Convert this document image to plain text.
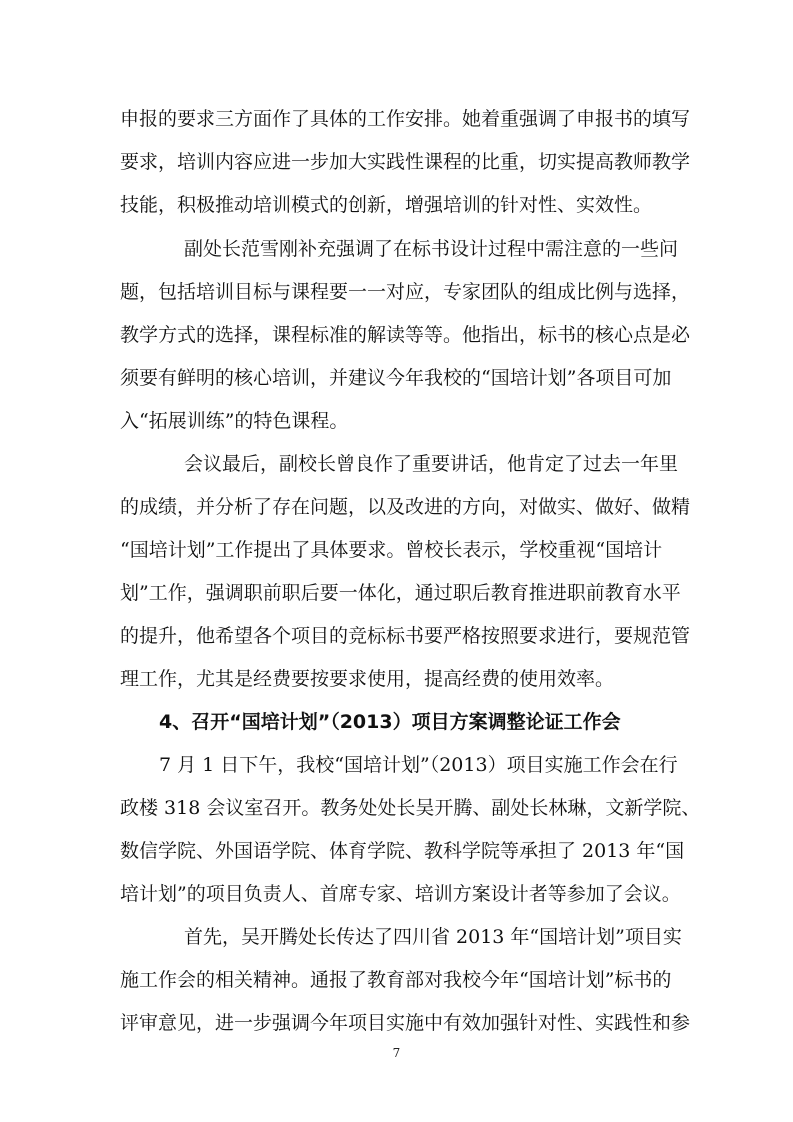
申报的要求三方面作了具体的工作安排。她着重强调了申报书的填写
要求，培训内容应进一步加大实践性课程的比重，切实提高教师教学
技能，积极推动培训模式的创新，增强培训的针对性、实效性。
副处长范雪刚补充强调了在标书设计过程中需注意的一些问
题，包括培训目标与课程要一一对应，专家团队的组成比例与选择，
教学方式的选择，课程标准的解读等等。他指出，标书的核心点是必
须要有鲜明的核心培训，并建议今年我校的“国培计划”各项目可加
入“拓展训练”的特色课程。
会议最后，副校长曾良作了重要讲话，他肯定了过去一年里
的成绩，并分析了存在问题，以及改进的方向，对做实、做好、做精
“国培计划”工作提出了具体要求。曾校长表示，学校重视“国培计
划”工作，强调职前职后要一体化，通过职后教育推进职前教育水平
的提升，他希望各个项目的竞标标书要严格按照要求进行，要规范管
理工作，尤其是经费要按要求使用，提高经费的使用效率。
4、召开“国培计划”（2013）项目方案调整论证工作会
7 月 1 日下午，我校“国培计划”（2013）项目实施工作会在行
政楼 318 会议室召开。教务处处长吴开腾、副处长林琳，文新学院、
数信学院、外国语学院、体育学院、教科学院等承担了 2013 年“国
培计划”的项目负责人、首席专家、培训方案设计者等参加了会议。
首先，吴开腾处长传达了四川省 2013 年“国培计划”项目实
施工作会的相关精神。通报了教育部对我校今年“国培计划”标书的
评审意见，进一步强调今年项目实施中有效加强针对性、实践性和参
7
